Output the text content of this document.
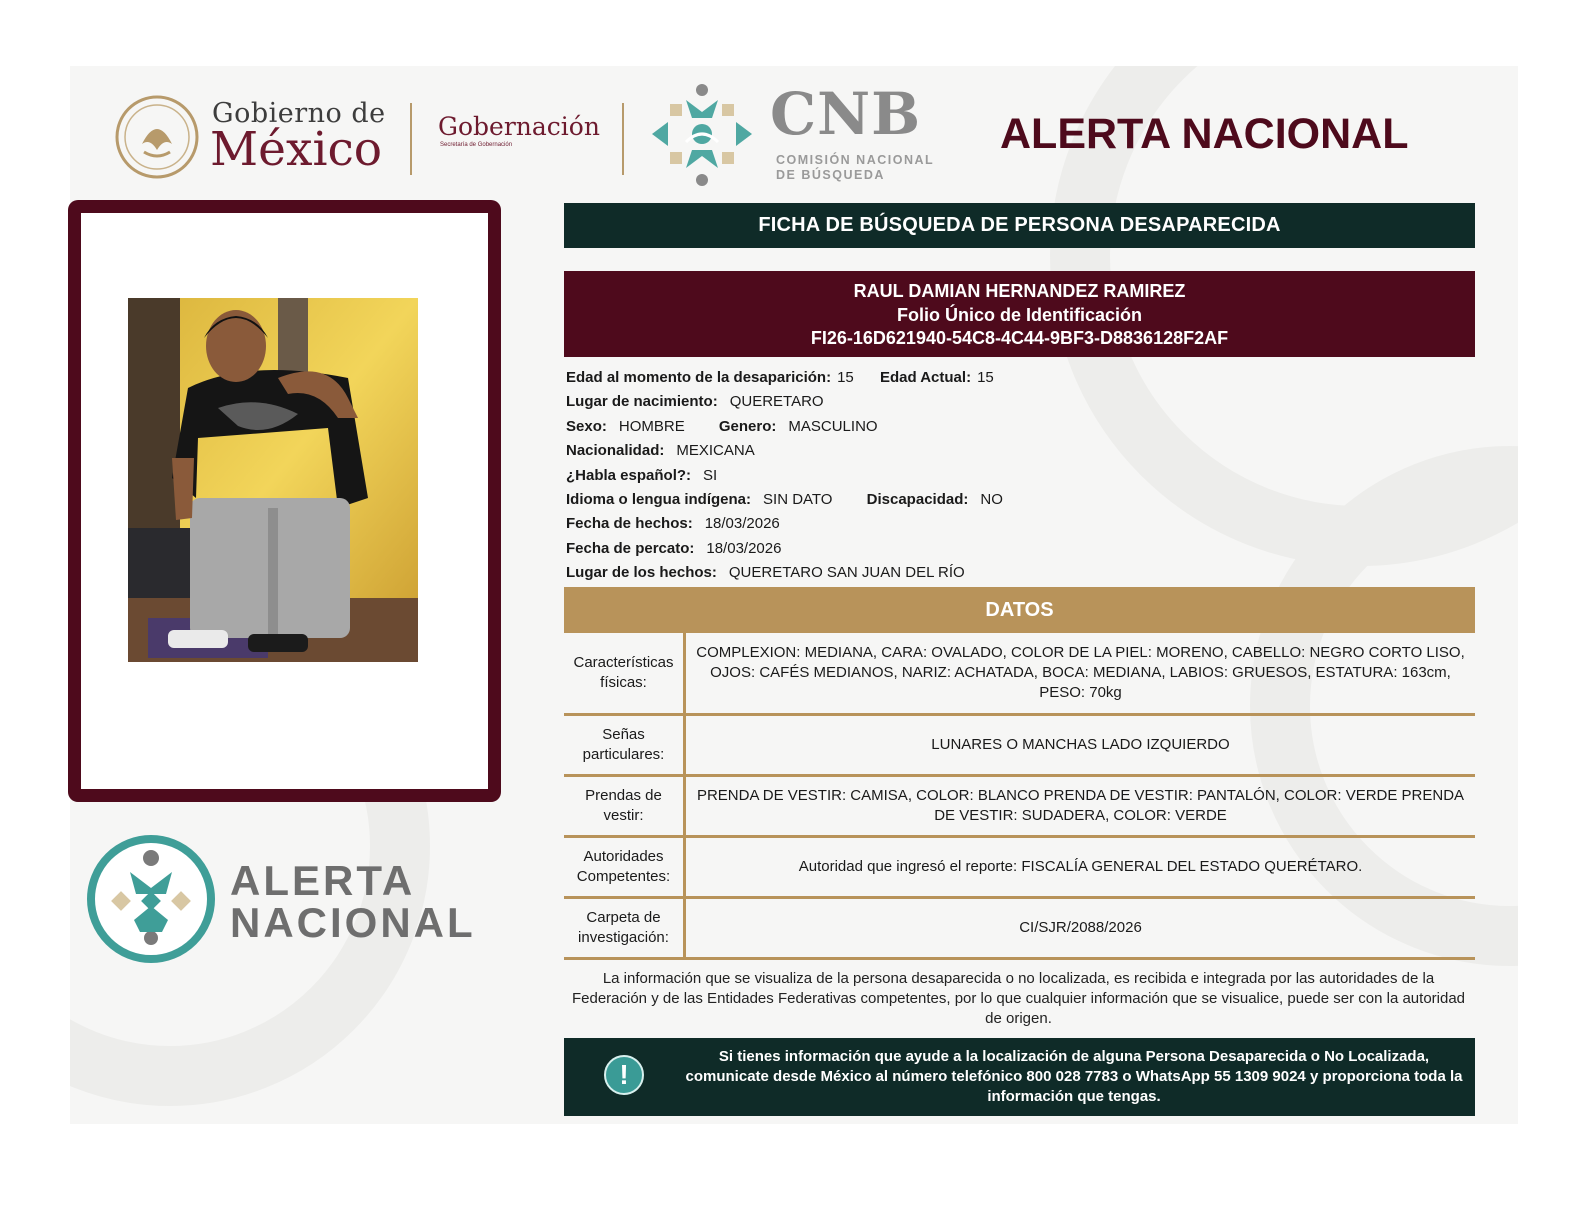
Gobierno de
México Gobernación
Secretaría de Gobernación	CNB
COMISIÓN NACIONAL
DE BÚSQUEDA
ALERTA NACIONAL
ALERTA
NACIONAL
FICHA DE BÚSQUEDA DE PERSONA DESAPARECIDA
RAUL DAMIAN HERNANDEZ RAMIREZ
Folio Único de Identificación
FI26-16D621940-54C8-4C44-9BF3-D8836128F2AF
Edad al momento de la desaparición: 15 Edad Actual: 15
Lugar de nacimiento: QUERETARO
Sexo: HOMBRE Genero: MASCULINO
Nacionalidad: MEXICANA
¿Habla español?: SI
Idioma o lengua indígena: SIN DATO Discapacidad: NO
Fecha de hechos: 18/03/2026
Fecha de percato: 18/03/2026
Lugar de los hechos: QUERETARO SAN JUAN DEL RÍO
DATOS
Características físicas:
COMPLEXION: MEDIANA, CARA: OVALADO, COLOR DE LA PIEL: MORENO, CABELLO: NEGRO CORTO LISO, OJOS: CAFÉS MEDIANOS, NARIZ: ACHATADA, BOCA: MEDIANA, LABIOS: GRUESOS, ESTATURA: 163cm, PESO: 70kg
Señas particulares:
LUNARES O MANCHAS LADO IZQUIERDO
Prendas de vestir:
PRENDA DE VESTIR: CAMISA, COLOR: BLANCO PRENDA DE VESTIR: PANTALÓN, COLOR: VERDE PRENDA DE VESTIR: SUDADERA, COLOR: VERDE
Autoridades Competentes:
Autoridad que ingresó el reporte: FISCALÍA GENERAL DEL ESTADO QUERÉTARO.
Carpeta de investigación:
CI/SJR/2088/2026
La información que se visualiza de la persona desaparecida o no localizada, es recibida e integrada por las autoridades de la Federación y de las Entidades Federativas competentes, por lo que cualquier información que se visualice, puede ser con la autoridad de origen.
!
Si tienes información que ayude a la localización de alguna Persona Desaparecida o No Localizada, comunicate desde México al número telefónico 800 028 7783 o WhatsApp 55 1309 9024 y proporciona toda la información que tengas.
